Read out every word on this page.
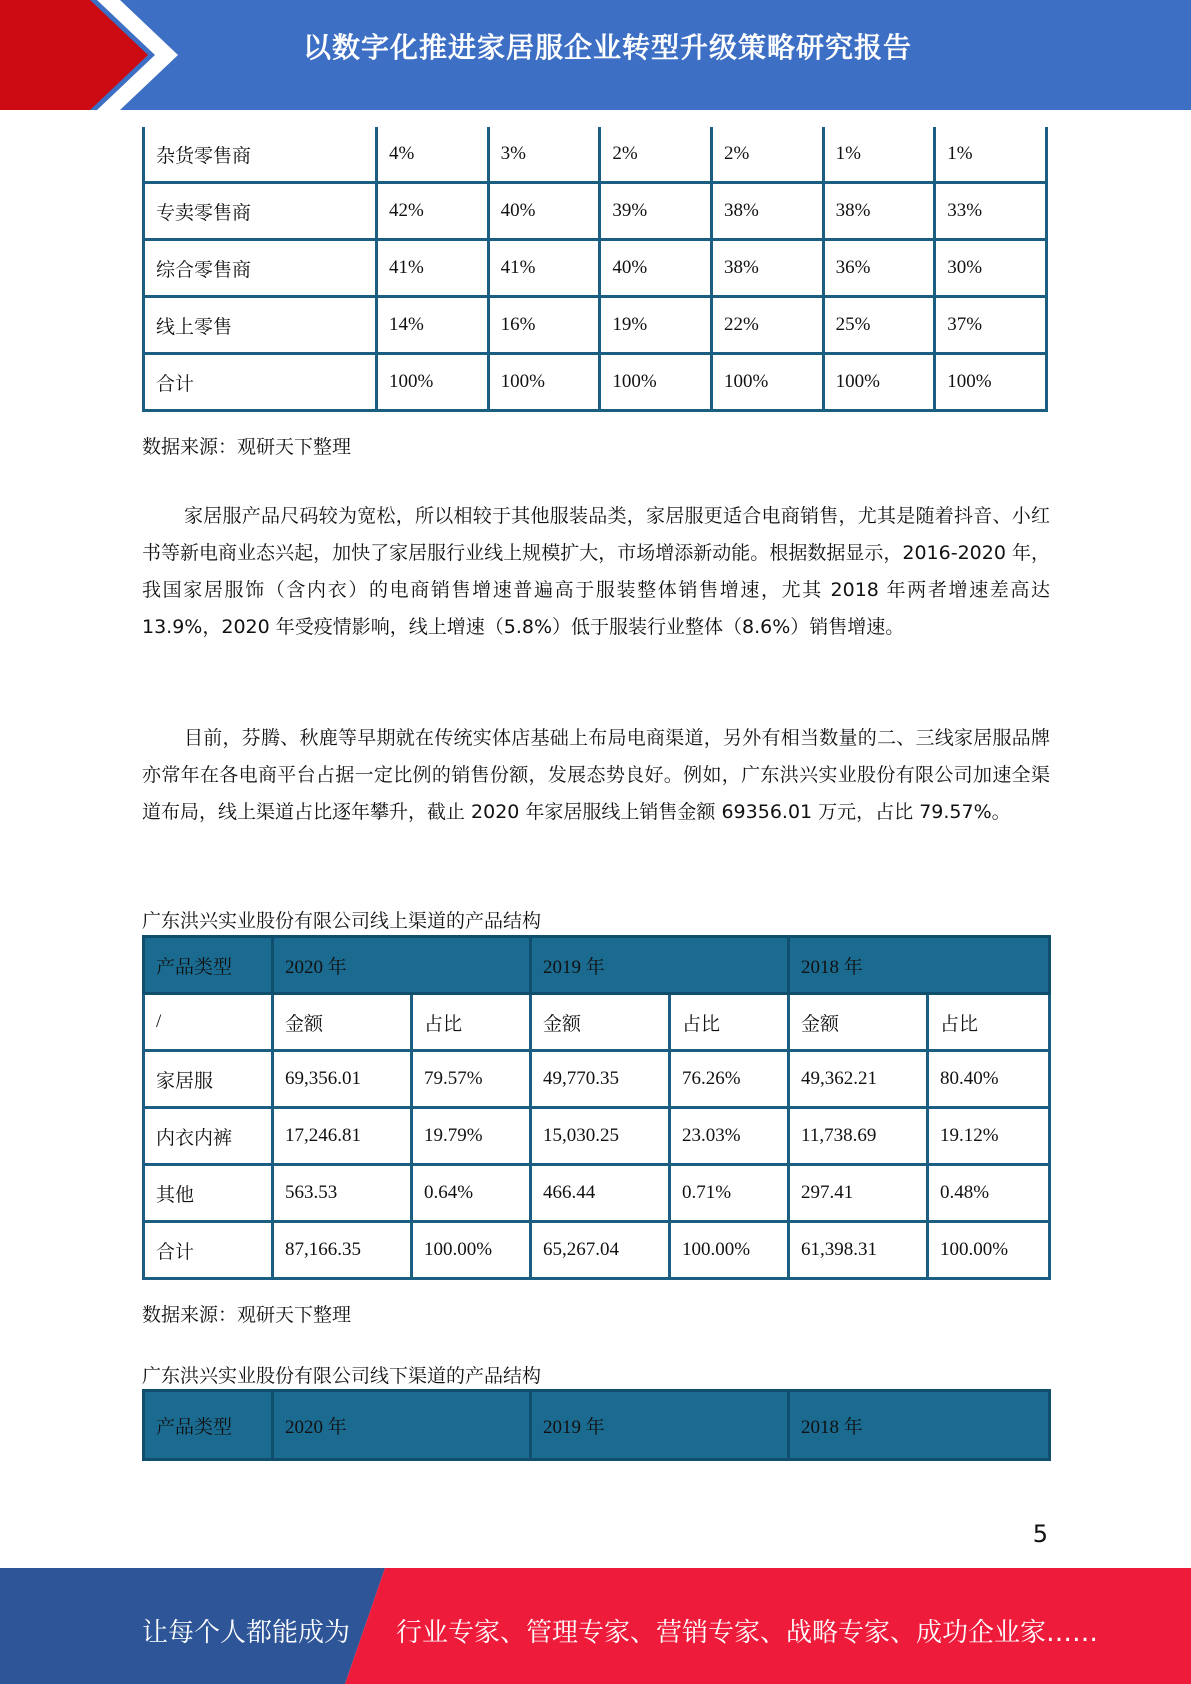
以数字化推进家居服企业转型升级策略研究报告
杂货零售商	4%	3%	2%	2%	1%	1%
专卖零售商	42%	40%	39%	38%	38%	33%
综合零售商	41%	41%	40%	38%	36%	30%
线上零售	14%	16%	19%	22%	25%	37%
合计	100%	100%	100%	100%	100%	100%
数据来源：观研天下整理
家居服产品尺码较为宽松，所以相较于其他服装品类，家居服更适合电商销售，尤其是随着抖音、小红书等新电商业态兴起，加快了家居服行业线上规模扩大，市场增添新动能。根据数据显示，2016-2020 年，我国家居服饰（含内衣）的电商销售增速普遍高于服装整体销售增速，尤其 2018 年两者增速差高达 13.9%，2020 年受疫情影响，线上增速（5.8%）低于服装行业整体（8.6%）销售增速。
目前，芬腾、秋鹿等早期就在传统实体店基础上布局电商渠道，另外有相当数量的二、三线家居服品牌亦常年在各电商平台占据一定比例的销售份额，发展态势良好。例如，广东洪兴实业股份有限公司加速全渠道布局，线上渠道占比逐年攀升，截止 2020 年家居服线上销售金额 69356.01 万元，占比 79.57%。
广东洪兴实业股份有限公司线上渠道的产品结构
产品类型	2020 年		2019 年		2018 年	
/	金额	占比	金额	占比	金额	占比
家居服	69,356.01	79.57%	49,770.35	76.26%	49,362.21	80.40%
内衣内裤	17,246.81	19.79%	15,030.25	23.03%	11,738.69	19.12%
其他	563.53	0.64%	466.44	0.71%	297.41	0.48%
合计	87,166.35	100.00%	65,267.04	100.00%	61,398.31	100.00%
数据来源：观研天下整理
广东洪兴实业股份有限公司线下渠道的产品结构
产品类型	2020 年	2019 年	2018 年
5
让每个人都能成为 行业专家、管理专家、营销专家、战略专家、成功企业家……
